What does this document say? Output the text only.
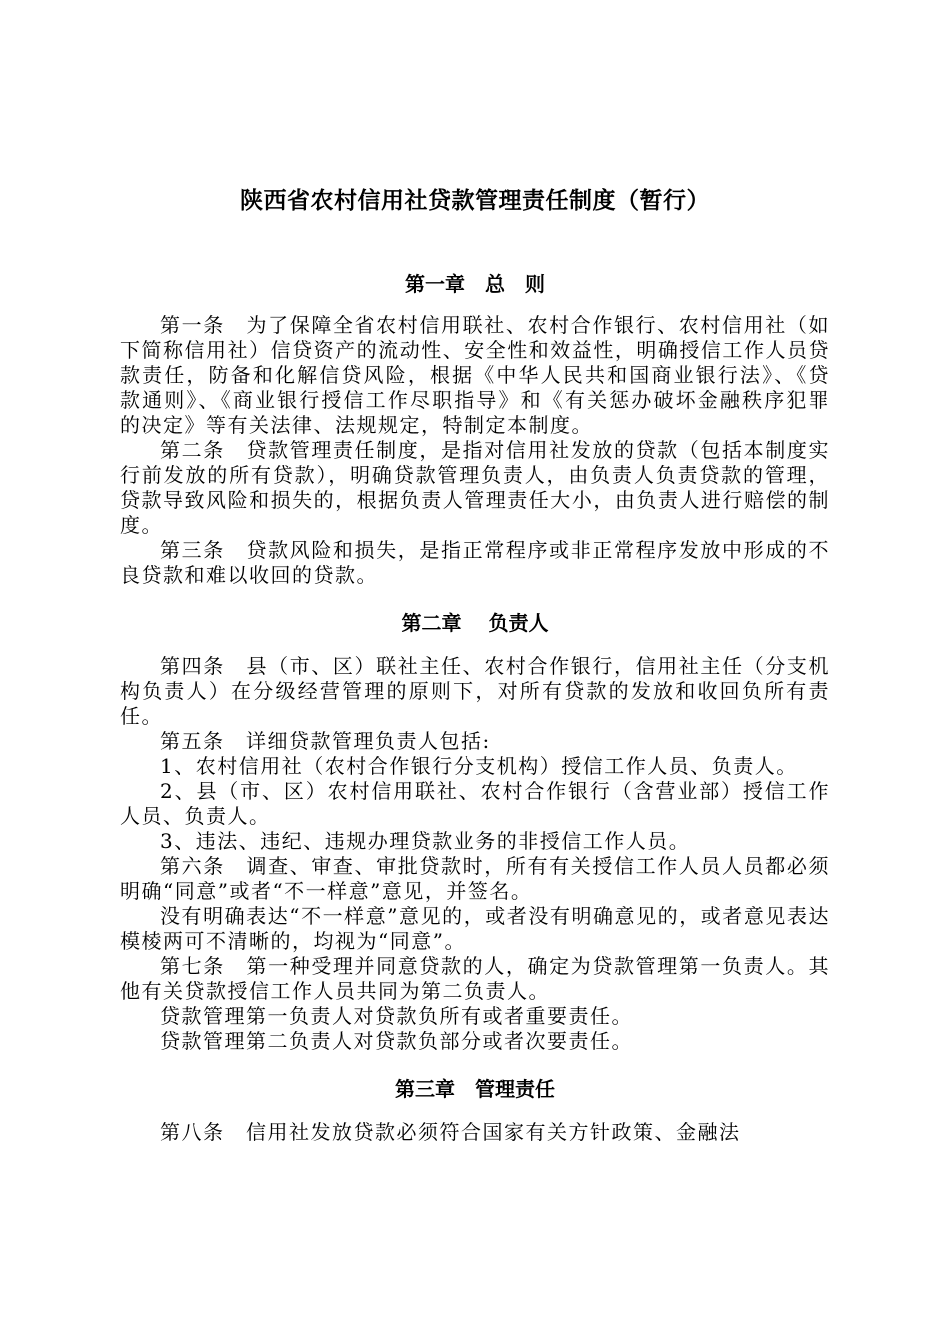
陕西省农村信用社贷款管理责任制度（暂行）
第一章　总　则

第一条　为了保障全省农村信用联社、农村合作银行、农村信用社（如下简称信用社）信贷资产的流动性、安全性和效益性，明确授信工作人员贷款责任，防备和化解信贷风险，根据《中华人民共和国商业银行法》、《贷款通则》、《商业银行授信工作尽职指导》和《有关惩办破坏金融秩序犯罪的决定》等有关法律、法规规定，特制定本制度。

第二条　贷款管理责任制度，是指对信用社发放的贷款（包括本制度实行前发放的所有贷款），明确贷款管理负责人，由负责人负责贷款的管理，贷款导致风险和损失的，根据负责人管理责任大小，由负责人进行赔偿的制度。

第三条　贷款风险和损失，是指正常程序或非正常程序发放中形成的不良贷款和难以收回的贷款。

第二章　 负责人

第四条　县（市、区）联社主任、农村合作银行，信用社主任（分支机构负责人）在分级经营管理的原则下，对所有贷款的发放和收回负所有责任。

第五条　详细贷款管理负责人包括:

1、农村信用社（农村合作银行分支机构）授信工作人员、负责人。

2、县（市、区）农村信用联社、农村合作银行（含营业部）授信工作人员、负责人。

3、违法、违纪、违规办理贷款业务的非授信工作人员。

第六条　调查、审查、审批贷款时，所有有关授信工作人员人员都必须明确“同意”或者“不一样意”意见，并签名。

没有明确表达“不一样意”意见的，或者没有明确意见的，或者意见表达模棱两可不清晰的，均视为“同意”。

第七条　第一种受理并同意贷款的人，确定为贷款管理第一负责人。其他有关贷款授信工作人员共同为第二负责人。

贷款管理第一负责人对贷款负所有或者重要责任。

贷款管理第二负责人对贷款负部分或者次要责任。

第三章　管理责任

第八条　信用社发放贷款必须符合国家有关方针政策、金融法
